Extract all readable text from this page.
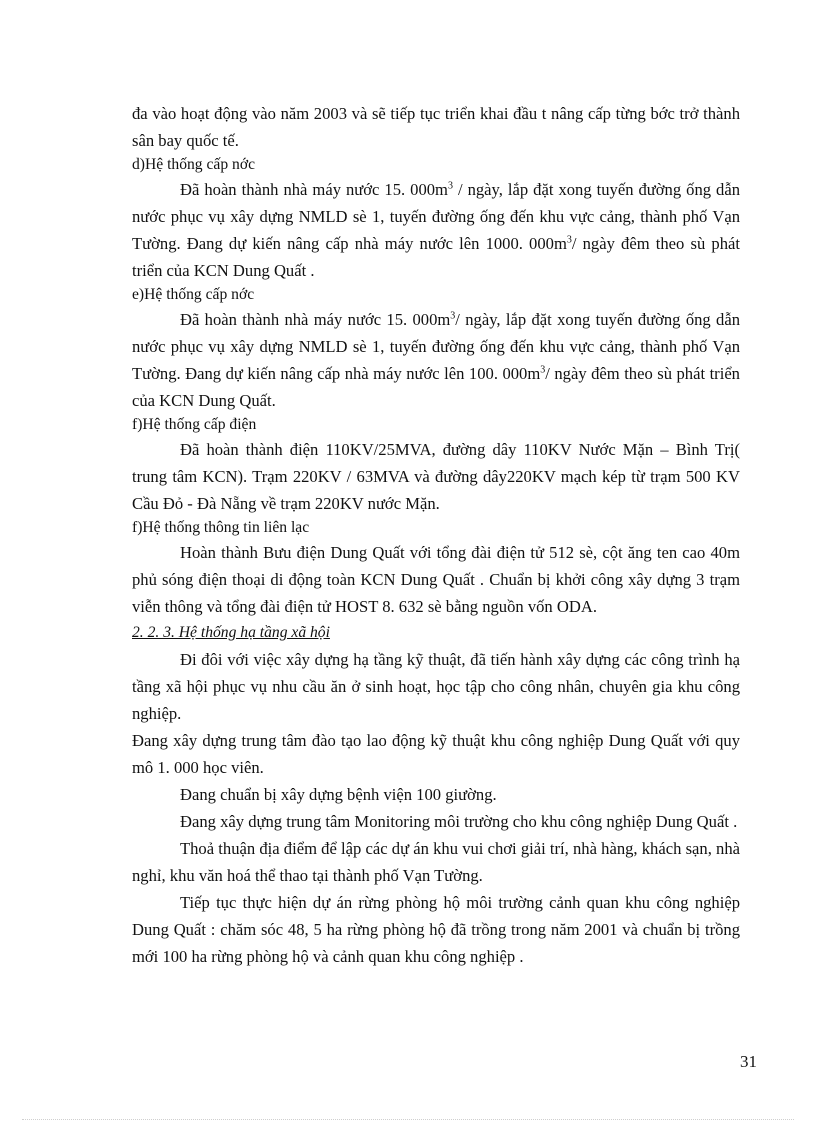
đa vào hoạt động vào năm 2003 và sẽ tiếp tục triển khai đầu t nâng cấp từng bớc trở thành sân bay quốc tế.

d)Hệ thống cấp nớc

Đã hoàn thành nhà máy nước 15. $000m^3$ / ngày, lắp đặt xong tuyến đường ống dẫn nước phục vụ xây dựng NMLD sè 1, tuyến đường ống đến khu vực cảng, thành phố Vạn Tường. Đang dự kiến nâng cấp nhà máy nước lên 1000. $000m^3/$ ngày đêm theo sù phát triển của KCN Dung Quất .

e)Hệ thống cấp nớc

Đã hoàn thành nhà máy nước 15. $000m^3/$ ngày, lắp đặt xong tuyến đường ống dẫn nước phục vụ xây dựng NMLD sè 1, tuyến đường ống đến khu vực cảng, thành phố Vạn Tường. Đang dự kiến nâng cấp nhà máy nước lên 100. $000m^3/$ ngày đêm theo sù phát triển của KCN Dung Quất.

f)Hệ thống cấp điện

Đã hoàn thành điện 110KV/25MVA, đường dây 110KV Nước Mặn – Bình Trị( trung tâm KCN). Trạm 220KV / 63MVA và đường dây220KV mạch kép từ trạm 500 KV Cầu Đỏ - Đà Nẵng về trạm 220KV nước Mặn.

f)Hệ thống thông tin liên lạc

Hoàn thành Bưu điện Dung Quất với tổng đài điện tử 512 sè, cột ăng ten cao 40m phủ sóng điện thoại di động toàn KCN Dung Quất . Chuẩn bị khởi công xây dựng 3 trạm viễn thông và tổng đài điện tử HOST 8. 632 sè bằng nguồn vốn ODA.

2. 2. 3. Hệ thống hạ tầng xã hội

Đi đôi với việc xây dựng hạ tầng kỹ thuật, đã tiến hành xây dựng các công trình hạ tầng xã hội phục vụ nhu cầu ăn ở sinh hoạt, học tập cho công nhân, chuyên gia khu công nghiệp.

Đang xây dựng trung tâm đào tạo lao động kỹ thuật khu công nghiệp Dung Quất với quy mô 1. 000 học viên.

Đang chuẩn bị xây dựng bệnh viện 100 giường.

Đang xây dựng trung tâm Monitoring môi trường cho khu công nghiệp Dung Quất .

Thoả thuận địa điểm để lập các dự án khu vui chơi giải trí, nhà hàng, khách sạn, nhà nghỉ, khu văn hoá thể thao tại thành phố Vạn Tường.

Tiếp tục thực hiện dự án rừng phòng hộ môi trường cảnh quan khu công nghiệp Dung Quất : chăm sóc 48, 5 ha rừng phòng hộ đã trồng trong năm 2001 và chuẩn bị trồng mới 100 ha rừng phòng hộ và cảnh quan khu công nghiệp .

31
